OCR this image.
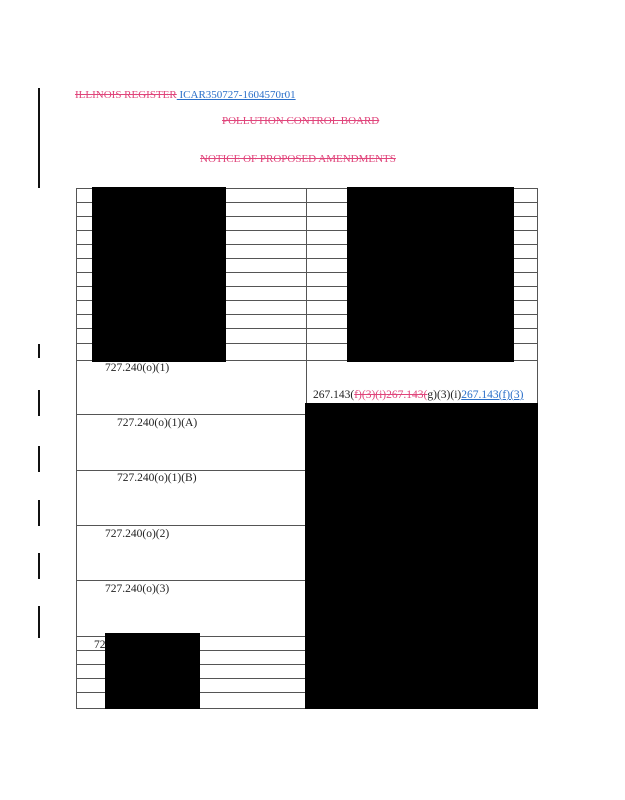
ILLINOIS REGISTER ICAR350727-1604570r01
POLLUTION CONTROL BOARD
NOTICE OF PROPOSED AMENDMENTS
727.240(o)(1)
727.240(o)(1)(A)
727.240(o)(1)(B)
727.240(o)(2)
727.240(o)(3)
72
267.143(f)(3)(i)267.143(g)(3)(i)267.143(f)(3)
